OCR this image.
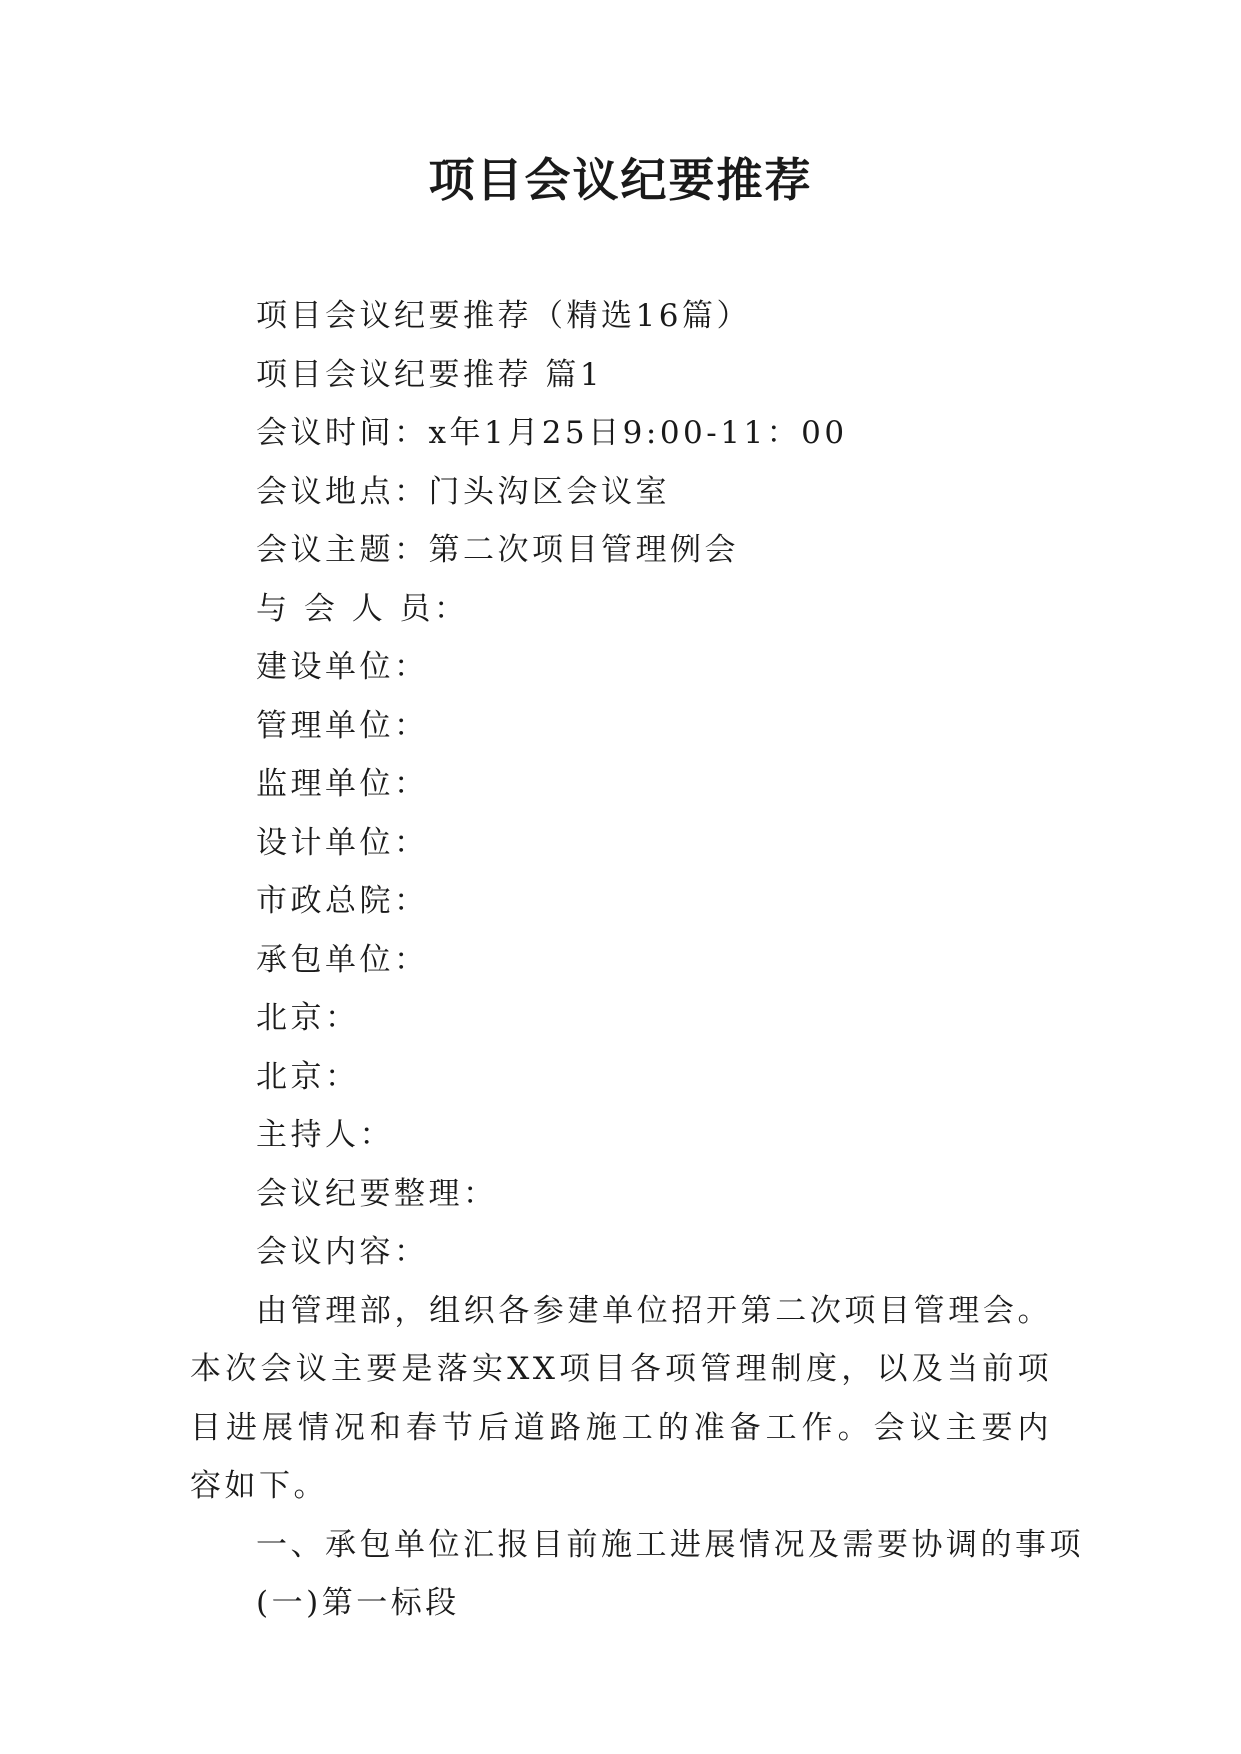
项目会议纪要推荐
项目会议纪要推荐（精选16篇）
项目会议纪要推荐 篇1
会议时间：x年1月25日9:00-11：00
会议地点：门头沟区会议室
会议主题：第二次项目管理例会
与 会 人 员：
建设单位：
管理单位：
监理单位：
设计单位：
市政总院：
承包单位：
北京：
北京：
主持人：
会议纪要整理：
会议内容：
由管理部，组织各参建单位招开第二次项目管理会。本次会议主要是落实XX项目各项管理制度，以及当前项目进展情况和春节后道路施工的准备工作。会议主要内容如下。
一、承包单位汇报目前施工进展情况及需要协调的事项
(一)第一标段
